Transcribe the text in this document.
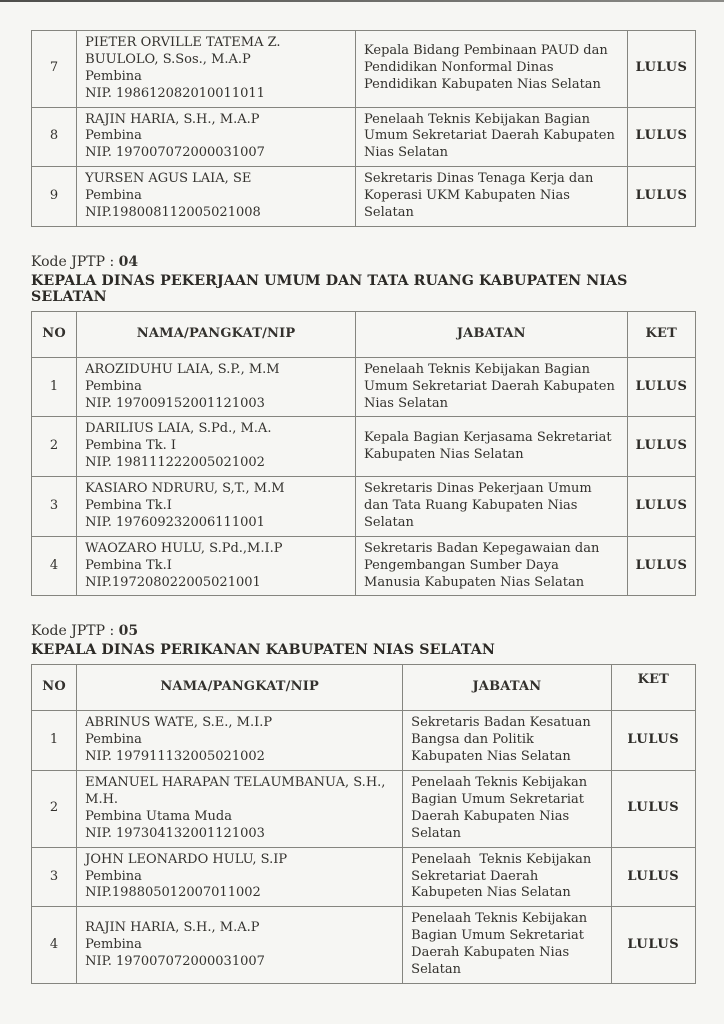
7	PIETER ORVILLE TATEMA Z. BUULOLO, S.Sos., M.A.P
Pembina
NIP. 198612082010011011	Kepala Bidang Pembinaan PAUD dan Pendidikan Nonformal Dinas Pendidikan Kabupaten Nias Selatan	LULUS
8	RAJIN HARIA, S.H., M.A.P
Pembina
NIP. 197007072000031007	Penelaah Teknis Kebijakan Bagian Umum Sekretariat Daerah Kabupaten Nias Selatan	LULUS
9	YURSEN AGUS LAIA, SE
Pembina
NIP.198008112005021008	Sekretaris Dinas Tenaga Kerja dan Koperasi UKM Kabupaten Nias Selatan	LULUS

Kode JPTP : 04

KEPALA DINAS PEKERJAAN UMUM DAN TATA RUANG KABUPATEN NIAS SELATAN
NO	NAMA/PANGKAT/NIP	JABATAN	KET
1	AROZIDUHU LAIA, S.P., M.M
Pembina
NIP. 197009152001121003	Penelaah Teknis Kebijakan Bagian Umum Sekretariat Daerah Kabupaten Nias Selatan	LULUS
2	DARILIUS LAIA, S.Pd., M.A.
Pembina Tk. I
NIP. 198111222005021002	Kepala Bagian Kerjasama Sekretariat Kabupaten Nias Selatan	LULUS
3	KASIARO NDRURU, S,T., M.M
Pembina Tk.I
NIP. 197609232006111001	Sekretaris Dinas Pekerjaan Umum dan Tata Ruang Kabupaten Nias Selatan	LULUS
4	WAOZARO HULU, S.Pd.,M.I.P
Pembina Tk.I
NIP.197208022005021001	Sekretaris Badan Kepegawaian dan Pengembangan Sumber Daya Manusia Kabupaten Nias Selatan	LULUS

Kode JPTP : 05

KEPALA DINAS PERIKANAN KABUPATEN NIAS SELATAN
NO	NAMA/PANGKAT/NIP	JABATAN	KET
1	ABRINUS WATE, S.E., M.I.P
Pembina
NIP. 197911132005021002	Sekretaris Badan Kesatuan Bangsa dan Politik Kabupaten Nias Selatan	LULUS
2	EMANUEL HARAPAN TELAUMBANUA, S.H., M.H.
Pembina Utama Muda
NIP. 197304132001121003	Penelaah Teknis Kebijakan Bagian Umum Sekretariat Daerah Kabupaten Nias Selatan	LULUS
3	JOHN LEONARDO HULU, S.IP
Pembina
NIP.198805012007011002	Penelaah  Teknis Kebijakan Sekretariat Daerah Kabupeten Nias Selatan	LULUS
4	RAJIN HARIA, S.H., M.A.P
Pembina
NIP. 197007072000031007	Penelaah Teknis Kebijakan Bagian Umum Sekretariat Daerah Kabupaten Nias Selatan	LULUS
